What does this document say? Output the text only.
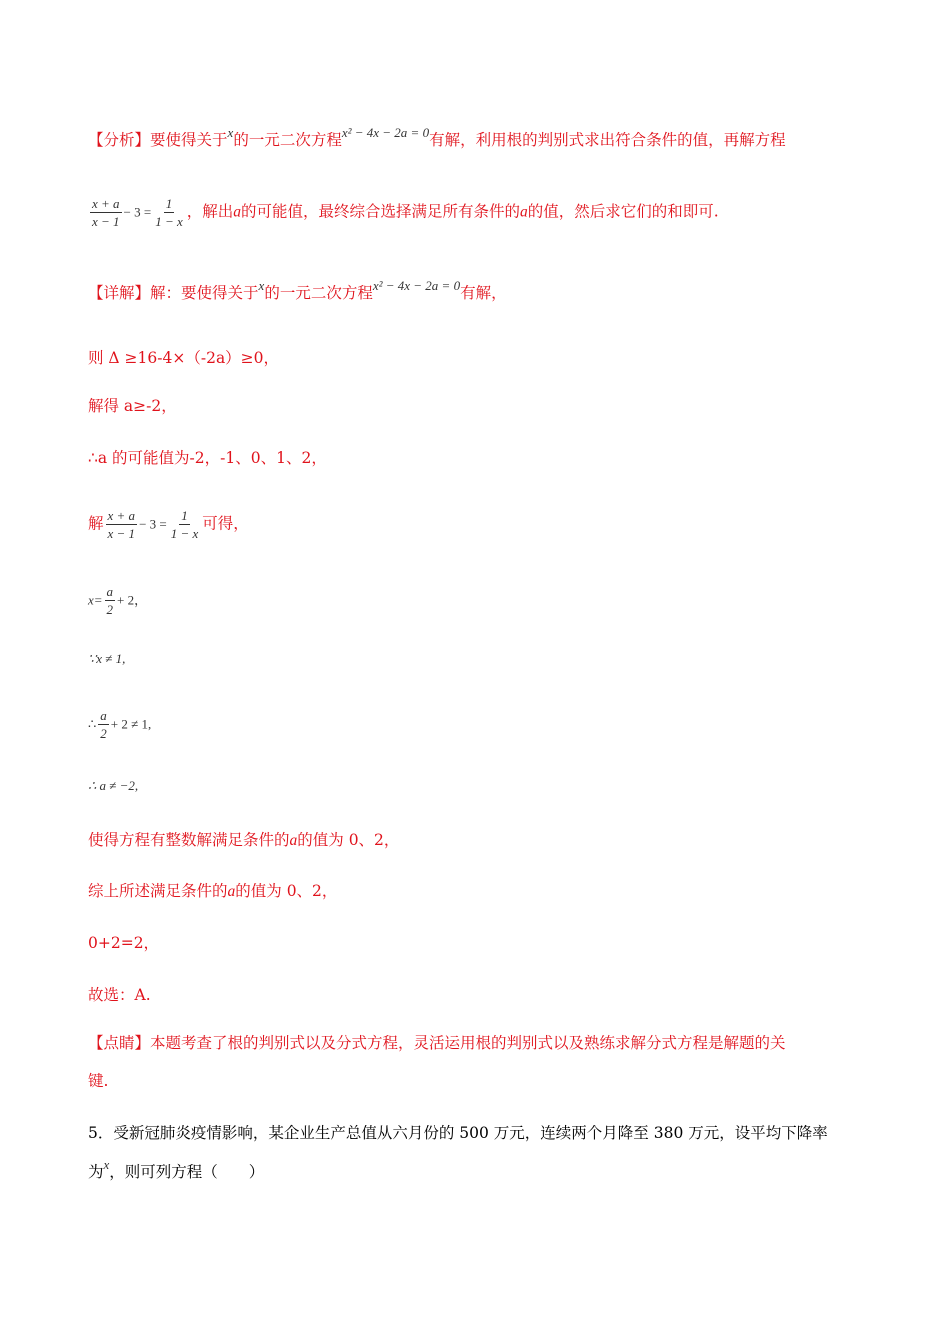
【分析】要使得关于$^x$的一元二次方程$^{x^2 - 4x - 2a = 0}$有解，利用根的判别式求出符合条件的值，再解方程
$\frac{x + a}{x - 1} - 3 = \frac{1}{1 - x}$ ，解出a的可能值，最终综合选择满足所有条件的a的值，然后求它们的和即可.
【详解】解：要使得关于$^x$的一元二次方程$^{x^2 - 4x - 2a = 0}$有解，
则 Δ ≥16-4×（-2a）≥0，
解得 a≥-2，
∴a 的可能值为-2，-1、0、1、2，
解 $\frac{x + a}{x - 1} - 3 = \frac{1}{1 - x}$ 可得，
$x= \frac{a}{2} + 2$，
∵x ≠ 1,
∴ $\frac{a}{2} + 2 \ne 1$,
∴ a ≠ −2,
使得方程有整数解满足条件的a的值为 0、2，
综上所述满足条件的a的值为 0、2，
0+2=2，
故选：A.
【点睛】本题考查了根的判别式以及分式方程，灵活运用根的判别式以及熟练求解分式方程是解题的关
键.
5．受新冠肺炎疫情影响，某企业生产总值从六月份的 500 万元，连续两个月降至 380 万元，设平均下降率
为$^x$，则可列方程（　　）
